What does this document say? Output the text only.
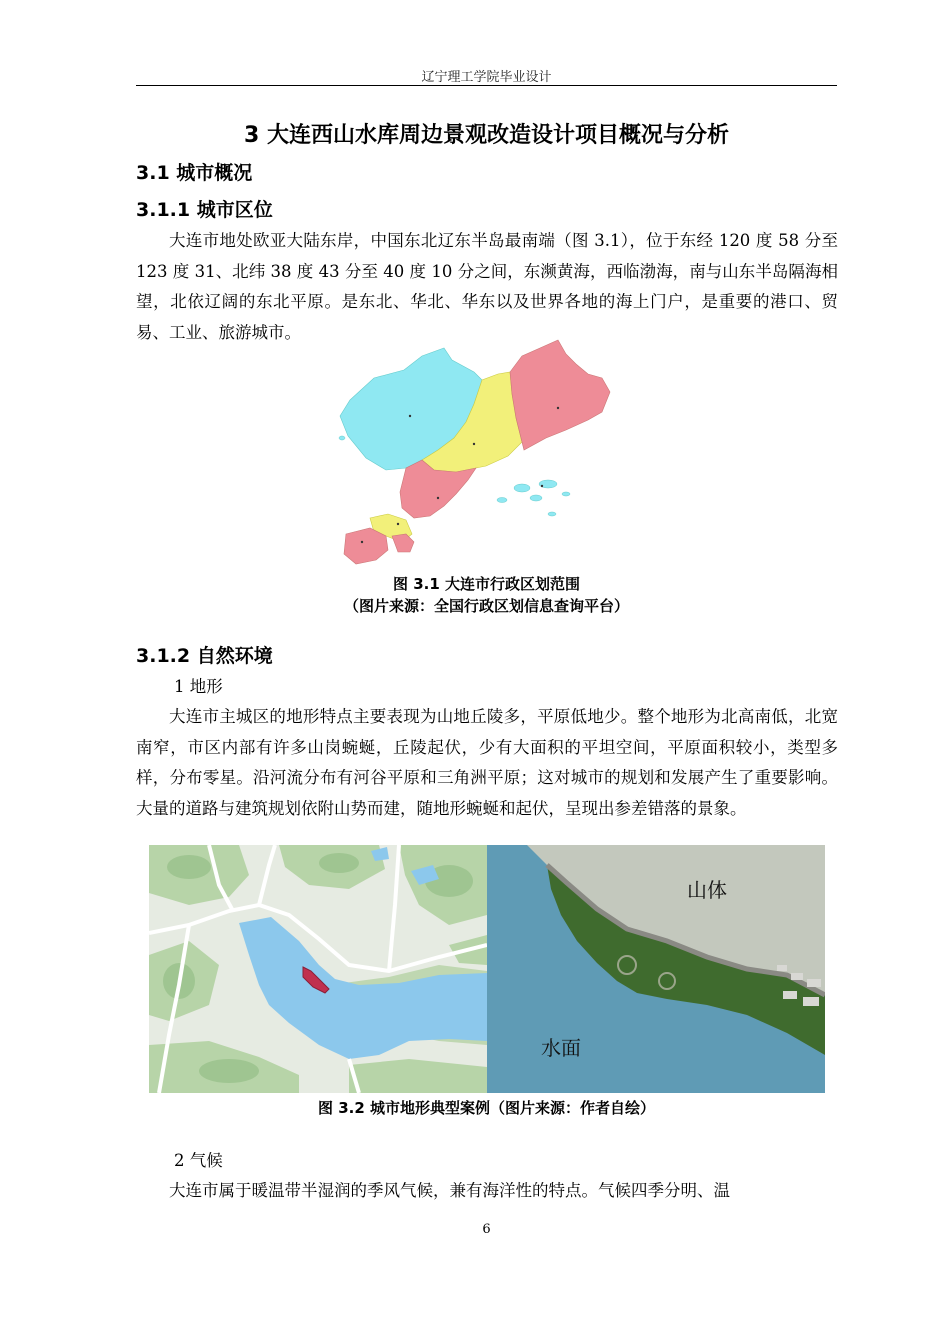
辽宁理工学院毕业设计
3 大连西山水库周边景观改造设计项目概况与分析
3.1 城市概况
3.1.1 城市区位

大连市地处欧亚大陆东岸，中国东北辽东半岛最南端（图 3.1），位于东经 120 度 58 分至 123 度 31、北纬 38 度 43 分至 40 度 10 分之间，东濒黄海，西临渤海，南与山东半岛隔海相望，北依辽阔的东北平原。是东北、华北、华东以及世界各地的海上门户，是重要的港口、贸易、工业、旅游城市。

图 3.1 大连市行政区划范围
（图片来源：全国行政区划信息查询平台）
3.1.2 自然环境
1 地形

大连市主城区的地形特点主要表现为山地丘陵多，平原低地少。整个地形为北高南低，北宽南窄，市区内部有许多山岗蜿蜒，丘陵起伏，少有大面积的平坦空间，平原面积较小，类型多样，分布零星。沿河流分布有河谷平原和三角洲平原；这对城市的规划和发展产生了重要影响。大量的道路与建筑规划依附山势而建，随地形蜿蜒和起伏，呈现出参差错落的景象。

山体
水面
图 3.2 城市地形典型案例（图片来源：作者自绘）
2 气候

大连市属于暖温带半湿润的季风气候，兼有海洋性的特点。气候四季分明、温

6
